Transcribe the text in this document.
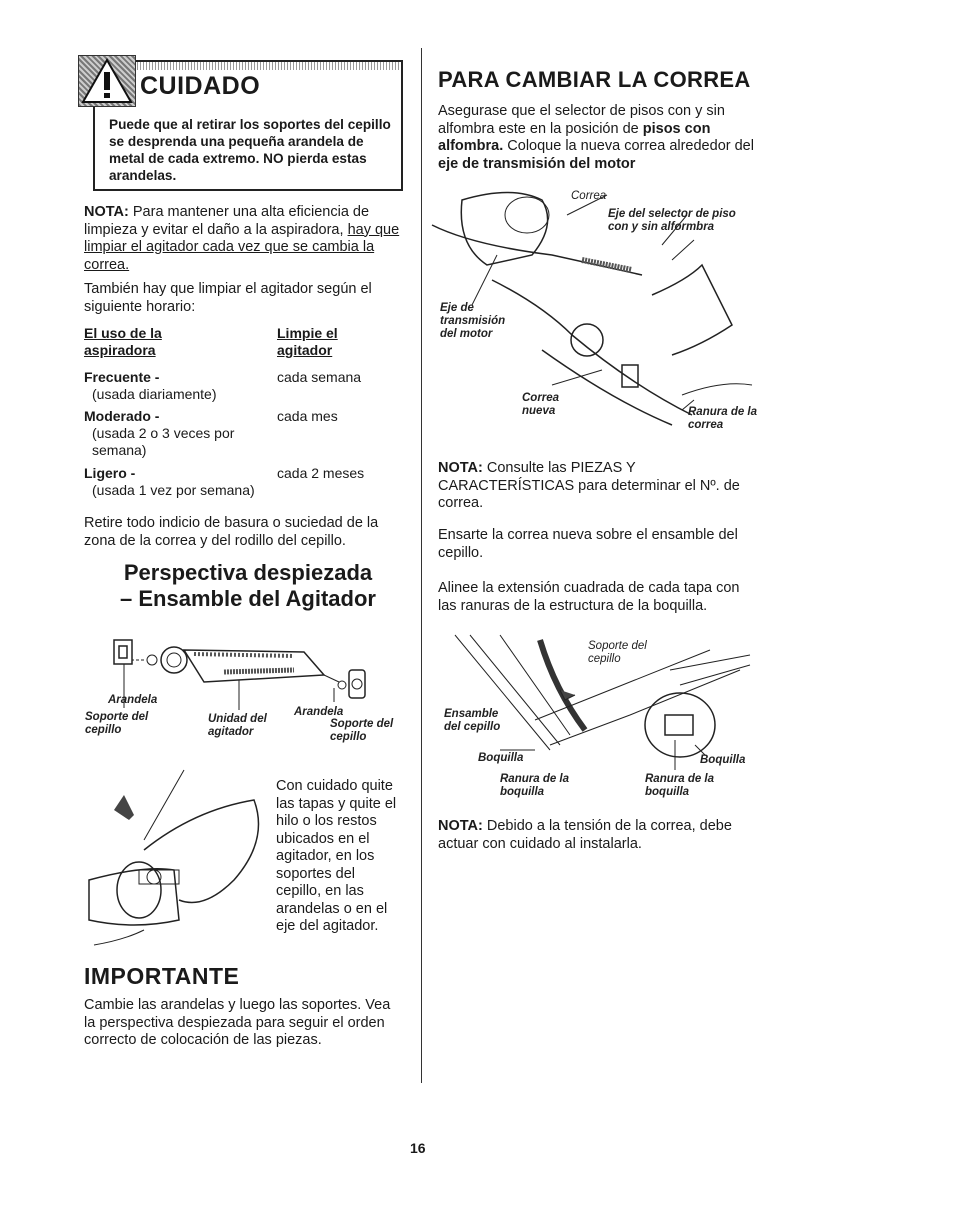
CUIDADO
Puede que al retirar los soportes del cepillo se desprenda una pequeña arandela de metal de cada extremo. NO pierda estas arandelas.

NOTA: Para mantener una alta eficiencia de limpieza y evitar el daño a la aspiradora, hay que limpiar el agitador cada vez que se cambia la correa.

También hay que limpiar el agitador según el siguiente horario:

El uso de la aspiradora
Limpie el agitador
Frecuente -
(usada diariamente)
cada semana
Moderado -
(usada 2 o 3 veces por semana)
cada mes
Ligero -
(usada 1 vez por semana)
cada 2 meses

Retire todo indicio de basura o suciedad de la zona de la correa y del rodillo del cepillo.

Perspectiva despiezada – Ensamble del Agitador
Arandela
Soporte del cepillo
Unidad del agitador
Arandela
Soporte del cepillo

Con cuidado quite las tapas y quite el hilo o los restos ubicados en el agitador, en los soportes del cepillo, en las arandelas o en el eje del agitador.

IMPORTANTE

Cambie las arandelas y luego las soportes. Vea la perspectiva despiezada para seguir el orden correcto de colocación de las piezas.

PARA CAMBIAR LA CORREA

Asegurase que el selector de pisos con y sin alfombra este en la posición de pisos con alfombra. Coloque la nueva correa alrededor del eje de transmisión del motor

Correa
Eje del selector de piso con y sin alformbra
Eje de transmisión del motor
Correa nueva	Ranura de la correa

NOTA: Consulte las PIEZAS Y CARACTERÍSTICAS para determinar el Nº. de correa.

Ensarte la correa nueva sobre el ensamble del cepillo.

Alinee la extensión cuadrada de cada tapa con las ranuras de la estructura de la boquilla.

Soporte del cepillo
Ensamble del cepillo
Boquilla	Boquilla
Ranura de la boquilla
Ranura de la boquilla

NOTA: Debido a la tensión de la correa, debe actuar con cuidado al instalarla.

16
